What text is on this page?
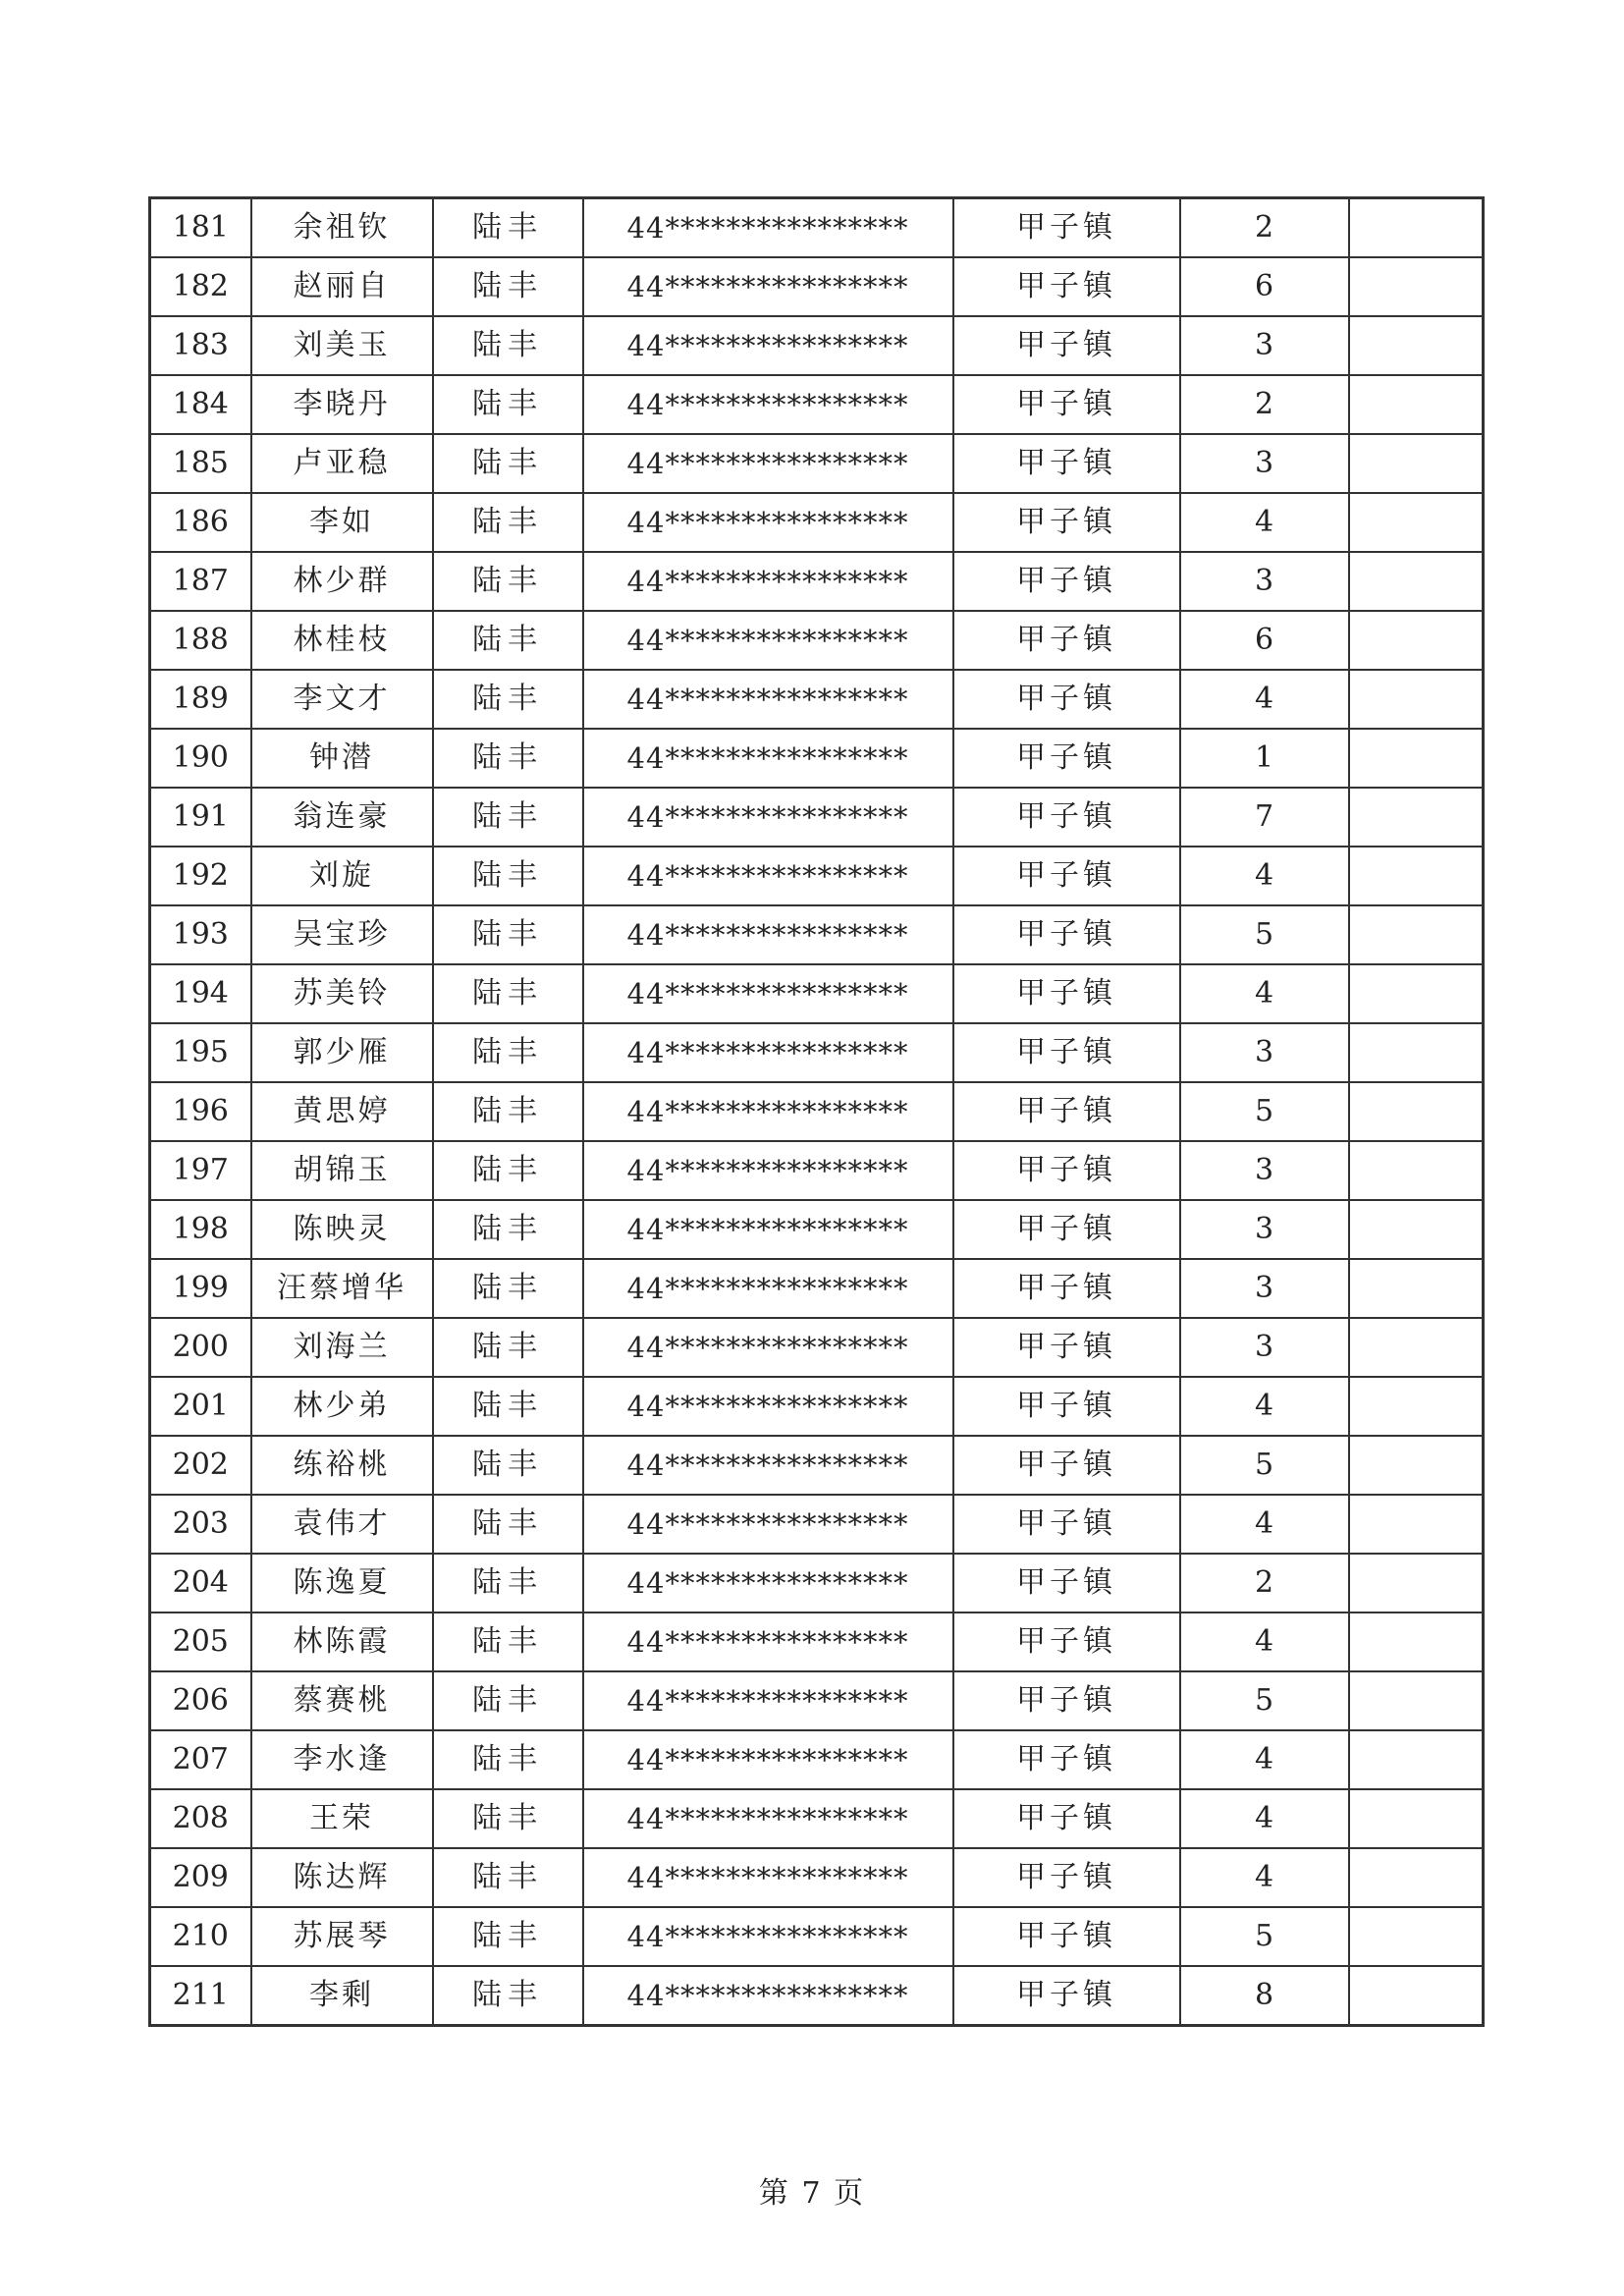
181	余祖钦	陆丰	44****************	甲子镇	2	
182	赵丽自	陆丰	44****************	甲子镇	6	
183	刘美玉	陆丰	44****************	甲子镇	3	
184	李晓丹	陆丰	44****************	甲子镇	2	
185	卢亚稳	陆丰	44****************	甲子镇	3	
186	李如	陆丰	44****************	甲子镇	4	
187	林少群	陆丰	44****************	甲子镇	3	
188	林桂枝	陆丰	44****************	甲子镇	6	
189	李文才	陆丰	44****************	甲子镇	4	
190	钟潜	陆丰	44****************	甲子镇	1	
191	翁连豪	陆丰	44****************	甲子镇	7	
192	刘旋	陆丰	44****************	甲子镇	4	
193	吴宝珍	陆丰	44****************	甲子镇	5	
194	苏美铃	陆丰	44****************	甲子镇	4	
195	郭少雁	陆丰	44****************	甲子镇	3	
196	黄思婷	陆丰	44****************	甲子镇	5	
197	胡锦玉	陆丰	44****************	甲子镇	3	
198	陈映灵	陆丰	44****************	甲子镇	3	
199	汪蔡增华	陆丰	44****************	甲子镇	3	
200	刘海兰	陆丰	44****************	甲子镇	3	
201	林少弟	陆丰	44****************	甲子镇	4	
202	练裕桃	陆丰	44****************	甲子镇	5	
203	袁伟才	陆丰	44****************	甲子镇	4	
204	陈逸夏	陆丰	44****************	甲子镇	2	
205	林陈霞	陆丰	44****************	甲子镇	4	
206	蔡赛桃	陆丰	44****************	甲子镇	5	
207	李水逢	陆丰	44****************	甲子镇	4	
208	王荣	陆丰	44****************	甲子镇	4	
209	陈达辉	陆丰	44****************	甲子镇	4	
210	苏展琴	陆丰	44****************	甲子镇	5	
211	李剩	陆丰	44****************	甲子镇	8	
第 7 页
